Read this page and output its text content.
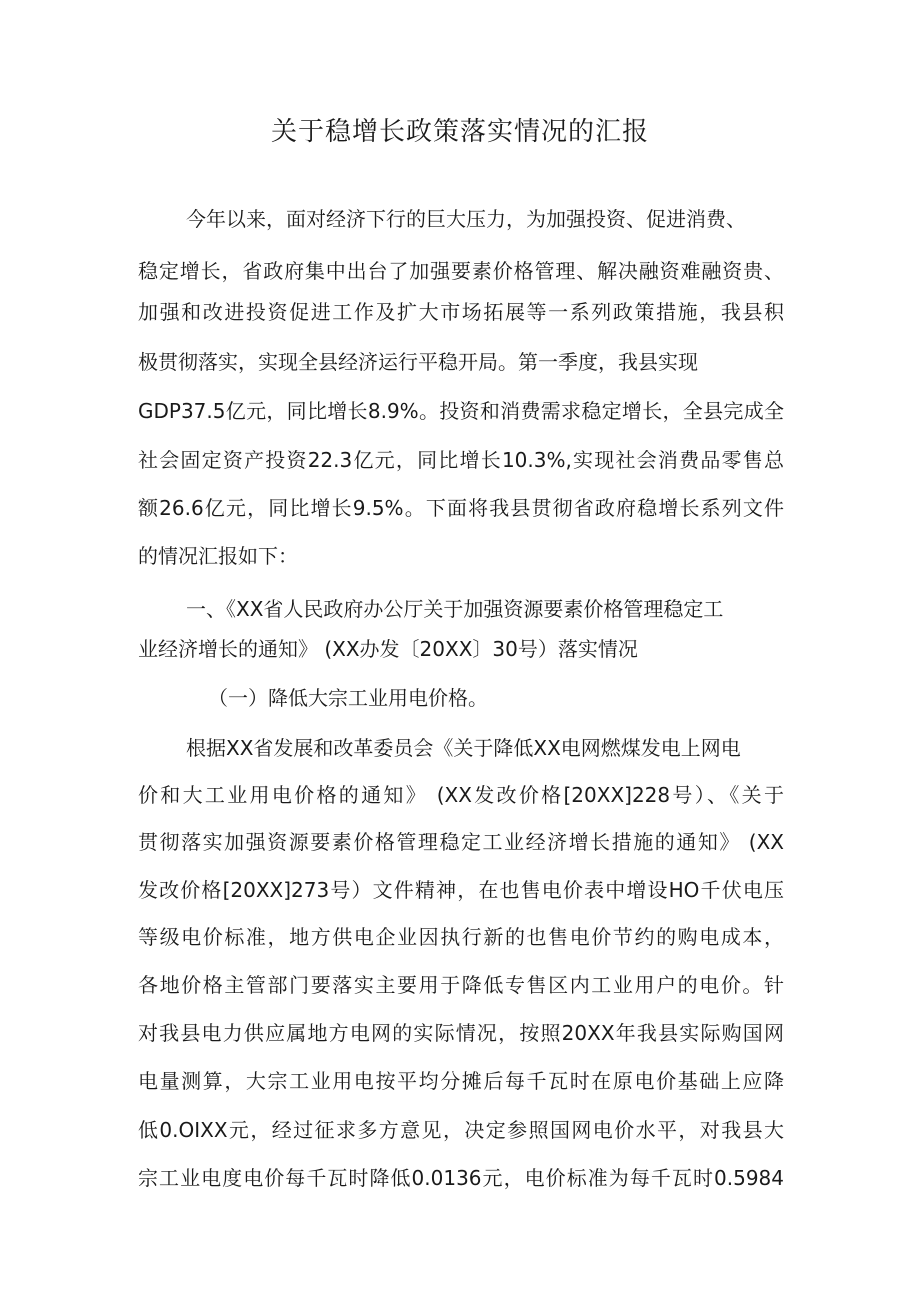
关于稳增长政策落实情况的汇报
今年以来，面对经济下行的巨大压力，为加强投资、促进消费、
稳定增长，省政府集中出台了加强要素价格管理、解决融资难融资贵、
加强和改进投资促进工作及扩大市场拓展等一系列政策措施，我县积
极贯彻落实，实现全县经济运行平稳开局。第一季度，我县实现
GDP37.5亿元，同比增长8.9%。投资和消费需求稳定增长，全县完成全
社会固定资产投资22.3亿元，同比增长10.3%,实现社会消费品零售总
额26.6亿元，同比增长9.5%。下面将我县贯彻省政府稳增长系列文件
的情况汇报如下：
一、《XX省人民政府办公厅关于加强资源要素价格管理稳定工
业经济增长的通知》 (XX办发〔20XX〕30号）落实情况
（一）降低大宗工业用电价格。
根据XX省发展和改革委员会《关于降低XX电网燃煤发电上网电
价和大工业用电价格的通知》 (XX发改价格[20XX]228号）、《关于
贯彻落实加强资源要素价格管理稳定工业经济增长措施的通知》 (XX
发改价格[20XX]273号）文件精神，在也售电价表中增设HO千伏电压
等级电价标准，地方供电企业因执行新的也售电价节约的购电成本，
各地价格主管部门要落实主要用于降低专售区内工业用户的电价。针
对我县电力供应属地方电网的实际情况，按照20XX年我县实际购国网
电量测算，大宗工业用电按平均分摊后每千瓦时在原电价基础上应降
低0.OIXX元，经过征求多方意见，决定参照国网电价水平，对我县大
宗工业电度电价每千瓦时降低0.0136元，电价标准为每千瓦时0.5984
